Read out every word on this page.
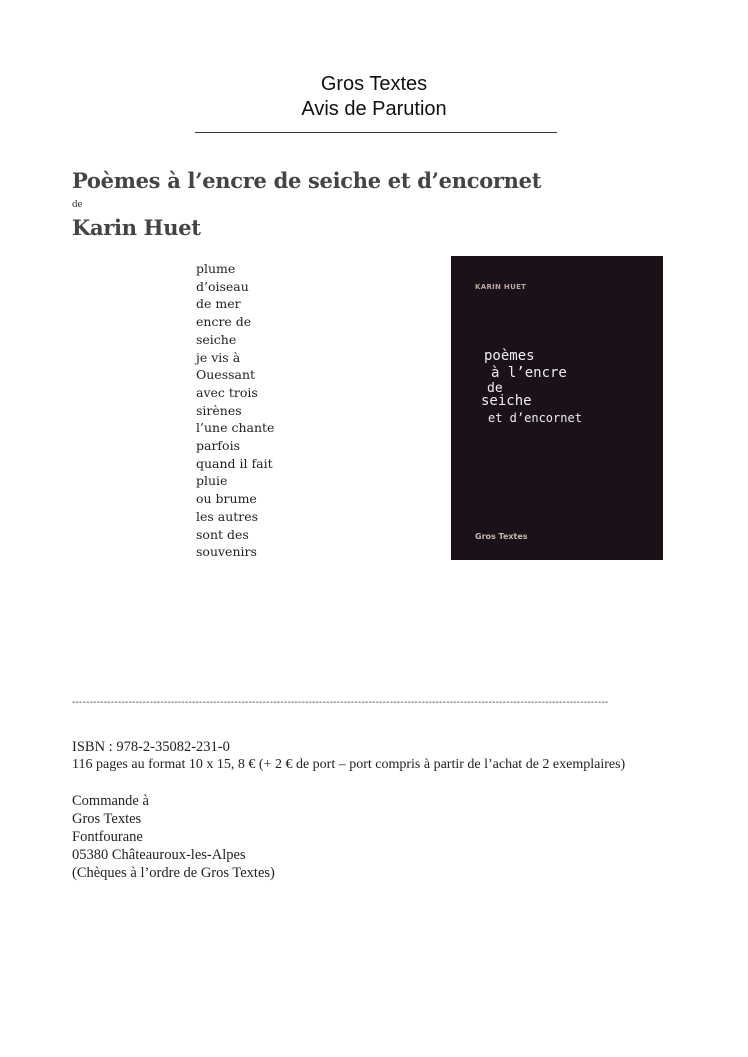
Gros Textes
Avis de Parution
Poèmes à l’encre de seiche et d’encornet
de
Karin Huet
plume
d’oiseau
de mer
encre de
seiche
je vis à
Ouessant
avec trois
sirènes
l’une chante
parfois
quand il fait
pluie
ou brume
les autres
sont des
souvenirs
KARIN HUET
poèmes
à l’encre
de
seiche
et d’encornet
Gros Textes
--------------------------------------------------------------------------------------------------------------------------------------------------------
ISBN : 978-2-35082-231-0
116 pages au format 10 x 15, 8 € (+ 2 € de port – port compris à partir de l’achat de 2 exemplaires)
Commande à
Gros Textes
Fontfourane
05380 Châteauroux-les-Alpes
(Chèques à l’ordre de Gros Textes)
